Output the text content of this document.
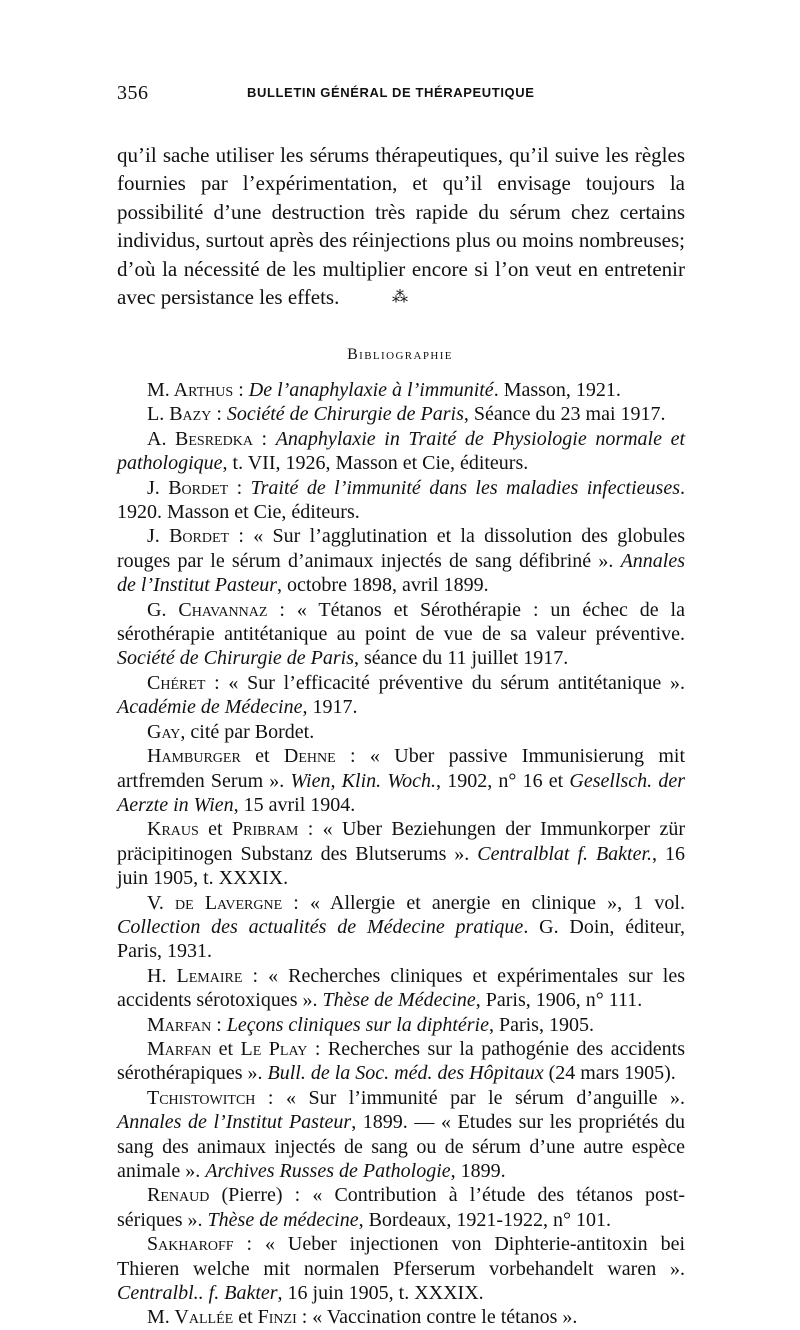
356	BULLETIN GÉNÉRAL DE THÉRAPEUTIQUE

qu’il sache utiliser les sérums thérapeutiques, qu’il suive les règles fournies par l’expérimentation, et qu’il envisage toujours la possibilité d’une destruction très rapide du sérum chez certains individus, surtout après des réinjections plus ou moins nombreuses; d’où la nécessité de les multiplier encore si l’on veut en entretenir avec persistance les effets.	⁂
Bibliographie

M. Arthus : De l’anaphylaxie à l’immunité. Masson, 1921.

L. Bazy : Société de Chirurgie de Paris, Séance du 23 mai 1917.

A. Besredka : Anaphylaxie in Traité de Physiologie normale et pathologique, t. VII, 1926, Masson et Cie, éditeurs.

J. Bordet : Traité de l’immunité dans les maladies infectieuses. 1920. Masson et Cie, éditeurs.

J. Bordet : « Sur l’agglutination et la dissolution des globules rouges par le sérum d’animaux injectés de sang défibriné ». Annales de l’Institut Pasteur, octobre 1898, avril 1899.

G. Chavannaz : « Tétanos et Sérothérapie : un échec de la sérothérapie antitétanique au point de vue de sa valeur préventive. Société de Chirurgie de Paris, séance du 11 juillet 1917.

Chéret : « Sur l’efficacité préventive du sérum antitétanique ». Académie de Médecine, 1917.

Gay, cité par Bordet.

Hamburger et Dehne : « Uber passive Immunisierung mit artfremden Serum ». Wien, Klin. Woch., 1902, n° 16 et Gesellsch. der Aerzte in Wien, 15 avril 1904.

Kraus et Pribram : « Uber Beziehungen der Immunkorper zür präcipitinogen Substanz des Blutserums ». Centralblat f. Bakter., 16 juin 1905, t. XXXIX.

V. de Lavergne : « Allergie et anergie en clinique », 1 vol. Collection des actualités de Médecine pratique. G. Doin, éditeur, Paris, 1931.

H. Lemaire : « Recherches cliniques et expérimentales sur les accidents sérotoxiques ». Thèse de Médecine, Paris, 1906, n° 111.

Marfan : Leçons cliniques sur la diphtérie, Paris, 1905.

Marfan et Le Play : Recherches sur la pathogénie des accidents sérothérapiques ». Bull. de la Soc. méd. des Hôpitaux (24 mars 1905).

Tchistowitch : « Sur l’immunité par le sérum d’anguille ». Annales de l’Institut Pasteur, 1899. — « Etudes sur les propriétés du sang des animaux injectés de sang ou de sérum d’une autre espèce animale ». Archives Russes de Pathologie, 1899.

Renaud (Pierre) : « Contribution à l’étude des tétanos post-sériques ». Thèse de médecine, Bordeaux, 1921-1922, n° 101.

Sakharoff : « Ueber injectionen von Diphterie-antitoxin bei Thieren welche mit normalen Pferserum vorbehandelt waren ». Centralbl.. f. Bakter, 16 juin 1905, t. XXXIX.

M. Vallée et Finzi : « Vaccination contre le tétanos ».
